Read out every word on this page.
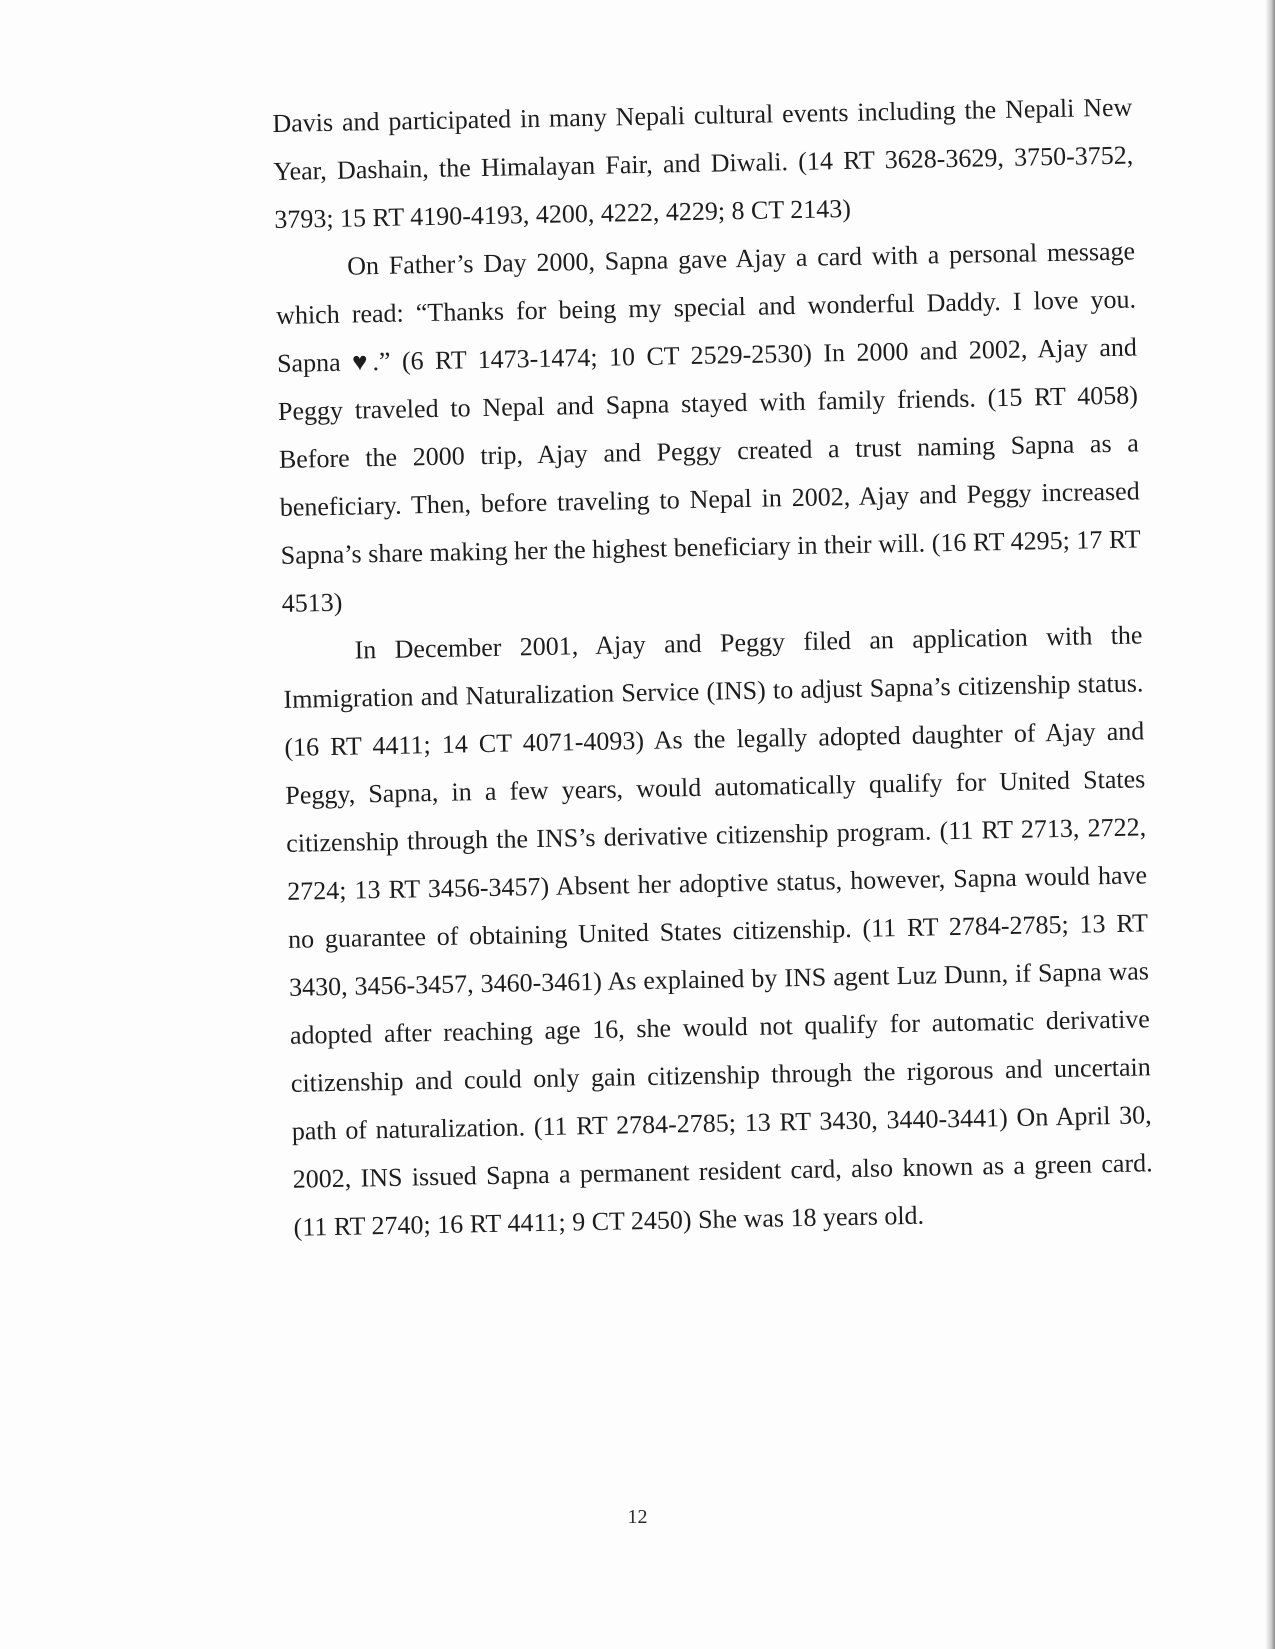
Davis and participated in many Nepali cultural events including the Nepali New Year, Dashain, the Himalayan Fair, and Diwali. (14 RT 3628-3629, 3750-3752, 3793; 15 RT 4190-4193, 4200, 4222, 4229; 8 CT 2143)

On Father’s Day 2000, Sapna gave Ajay a card with a personal message which read: “Thanks for being my special and wonderful Daddy. I love you. Sapna ♥.” (6 RT 1473-1474; 10 CT 2529-2530) In 2000 and 2002, Ajay and Peggy traveled to Nepal and Sapna stayed with family friends. (15 RT 4058) Before the 2000 trip, Ajay and Peggy created a trust naming Sapna as a beneficiary. Then, before traveling to Nepal in 2002, Ajay and Peggy increased Sapna’s share making her the highest beneficiary in their will. (16 RT 4295; 17 RT 4513)

In December 2001, Ajay and Peggy filed an application with the Immigration and Naturalization Service (INS) to adjust Sapna’s citizenship status. (16 RT 4411; 14 CT 4071-4093) As the legally adopted daughter of Ajay and Peggy, Sapna, in a few years, would automatically qualify for United States citizenship through the INS’s derivative citizenship program. (11 RT 2713, 2722, 2724; 13 RT 3456-3457) Absent her adoptive status, however, Sapna would have no guarantee of obtaining United States citizenship. (11 RT 2784-2785; 13 RT 3430, 3456-3457, 3460-3461) As explained by INS agent Luz Dunn, if Sapna was adopted after reaching age 16, she would not qualify for automatic derivative citizenship and could only gain citizenship through the rigorous and uncertain path of naturalization. (11 RT 2784-2785; 13 RT 3430, 3440-3441) On April 30, 2002, INS issued Sapna a permanent resident card, also known as a green card. (11 RT 2740; 16 RT 4411; 9 CT 2450) She was 18 years old.

12
